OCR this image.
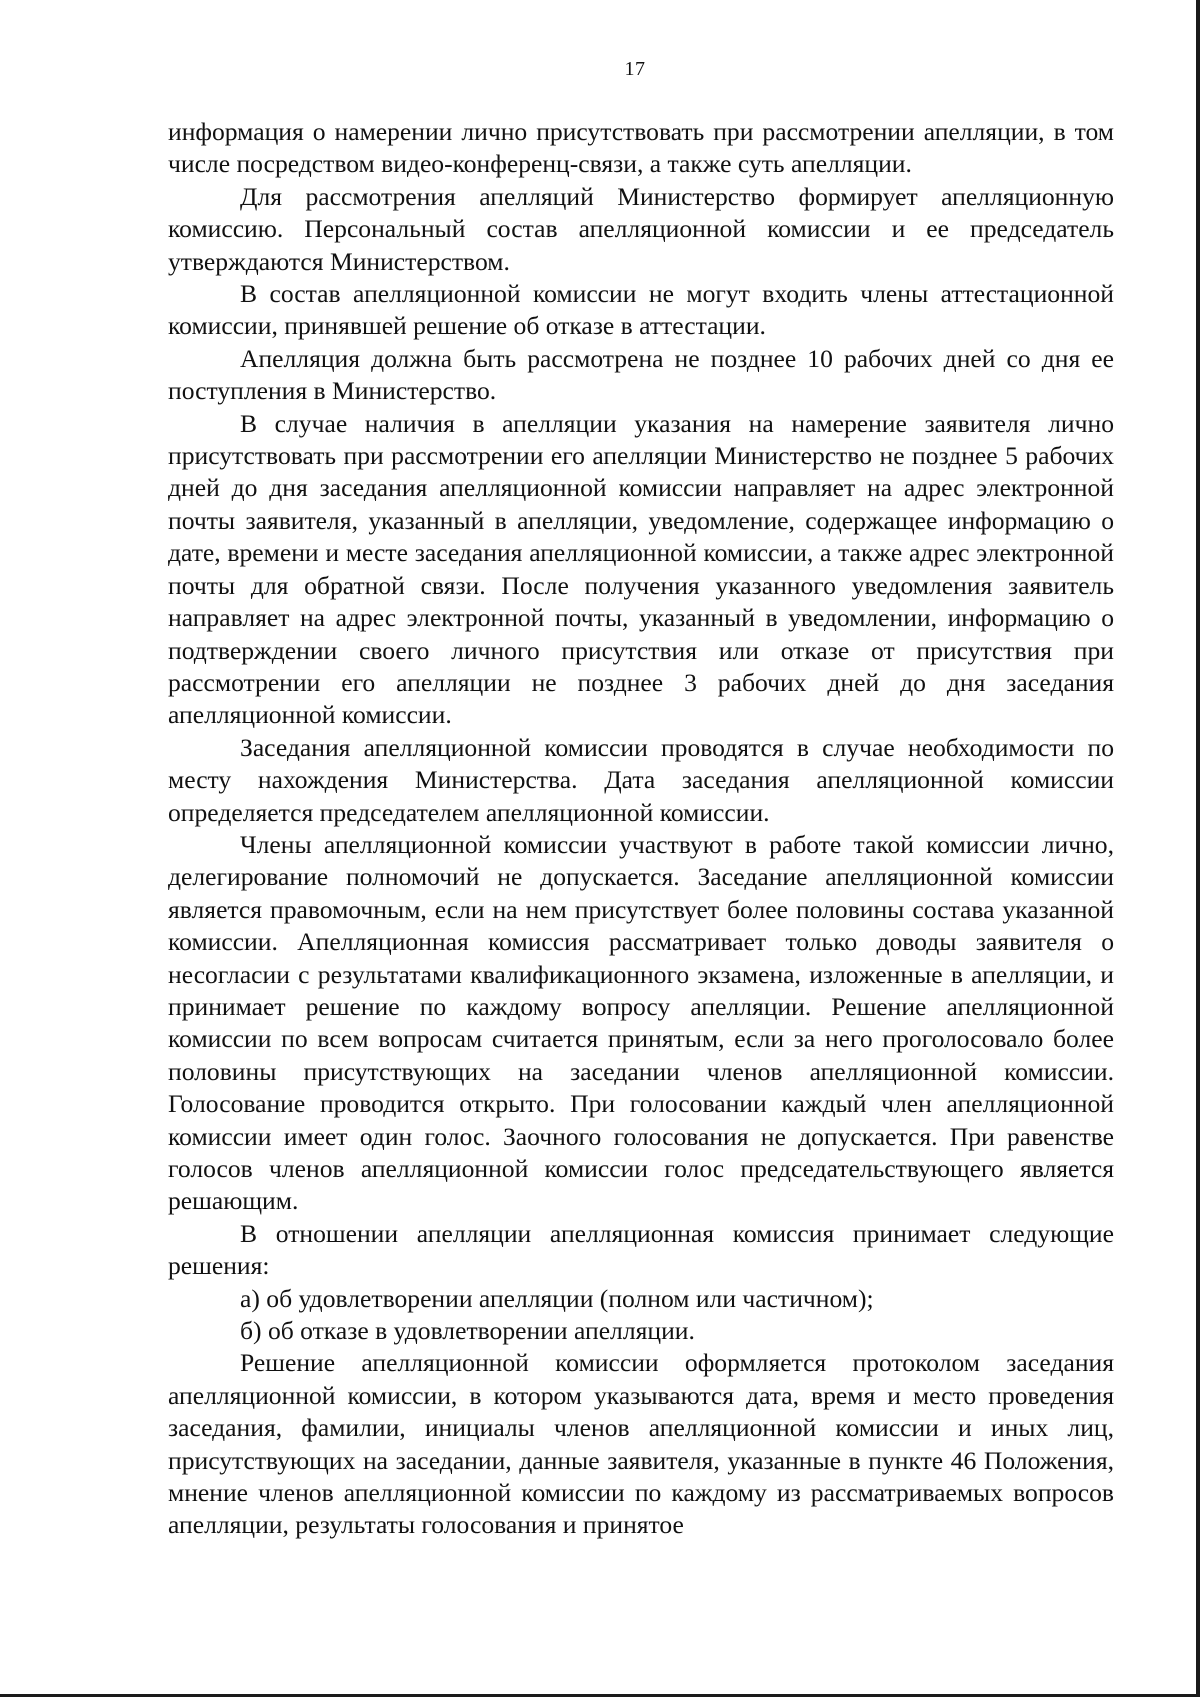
17

информация о намерении лично присутствовать при рассмотрении апелляции, в том числе посредством видео-конференц-связи, а также суть апелляции.

Для рассмотрения апелляций Министерство формирует апелляционную комиссию. Персональный состав апелляционной комиссии и ее председатель утверждаются Министерством.

В состав апелляционной комиссии не могут входить члены аттестационной комиссии, принявшей решение об отказе в аттестации.

Апелляция должна быть рассмотрена не позднее 10 рабочих дней со дня ее поступления в Министерство.

В случае наличия в апелляции указания на намерение заявителя лично присутствовать при рассмотрении его апелляции Министерство не позднее 5 рабочих дней до дня заседания апелляционной комиссии направляет на адрес электронной почты заявителя, указанный в апелляции, уведомление, содержащее информацию о дате, времени и месте заседания апелляционной комиссии, а также адрес электронной почты для обратной связи. После получения указанного уведомления заявитель направляет на адрес электронной почты, указанный в уведомлении, информацию о подтверждении своего личного присутствия или отказе от присутствия при рассмотрении его апелляции не позднее 3 рабочих дней до дня заседания апелляционной комиссии.

Заседания апелляционной комиссии проводятся в случае необходимости по месту нахождения Министерства. Дата заседания апелляционной комиссии определяется председателем апелляционной комиссии.

Члены апелляционной комиссии участвуют в работе такой комиссии лично, делегирование полномочий не допускается. Заседание апелляционной комиссии является правомочным, если на нем присутствует более половины состава указанной комиссии. Апелляционная комиссия рассматривает только доводы заявителя о несогласии с результатами квалификационного экзамена, изложенные в апелляции, и принимает решение по каждому вопросу апелляции. Решение апелляционной комиссии по всем вопросам считается принятым, если за него проголосовало более половины присутствующих на заседании членов апелляционной комиссии. Голосование проводится открыто. При голосовании каждый член апелляционной комиссии имеет один голос. Заочного голосования не допускается. При равенстве голосов членов апелляционной комиссии голос председательствующего является решающим.

В отношении апелляции апелляционная комиссия принимает следующие решения:

а) об удовлетворении апелляции (полном или частичном);

б) об отказе в удовлетворении апелляции.

Решение апелляционной комиссии оформляется протоколом заседания апелляционной комиссии, в котором указываются дата, время и место проведения заседания, фамилии, инициалы членов апелляционной комиссии и иных лиц, присутствующих на заседании, данные заявителя, указанные в пункте 46 Положения, мнение членов апелляционной комиссии по каждому из рассматриваемых вопросов апелляции, результаты голосования и принятое
